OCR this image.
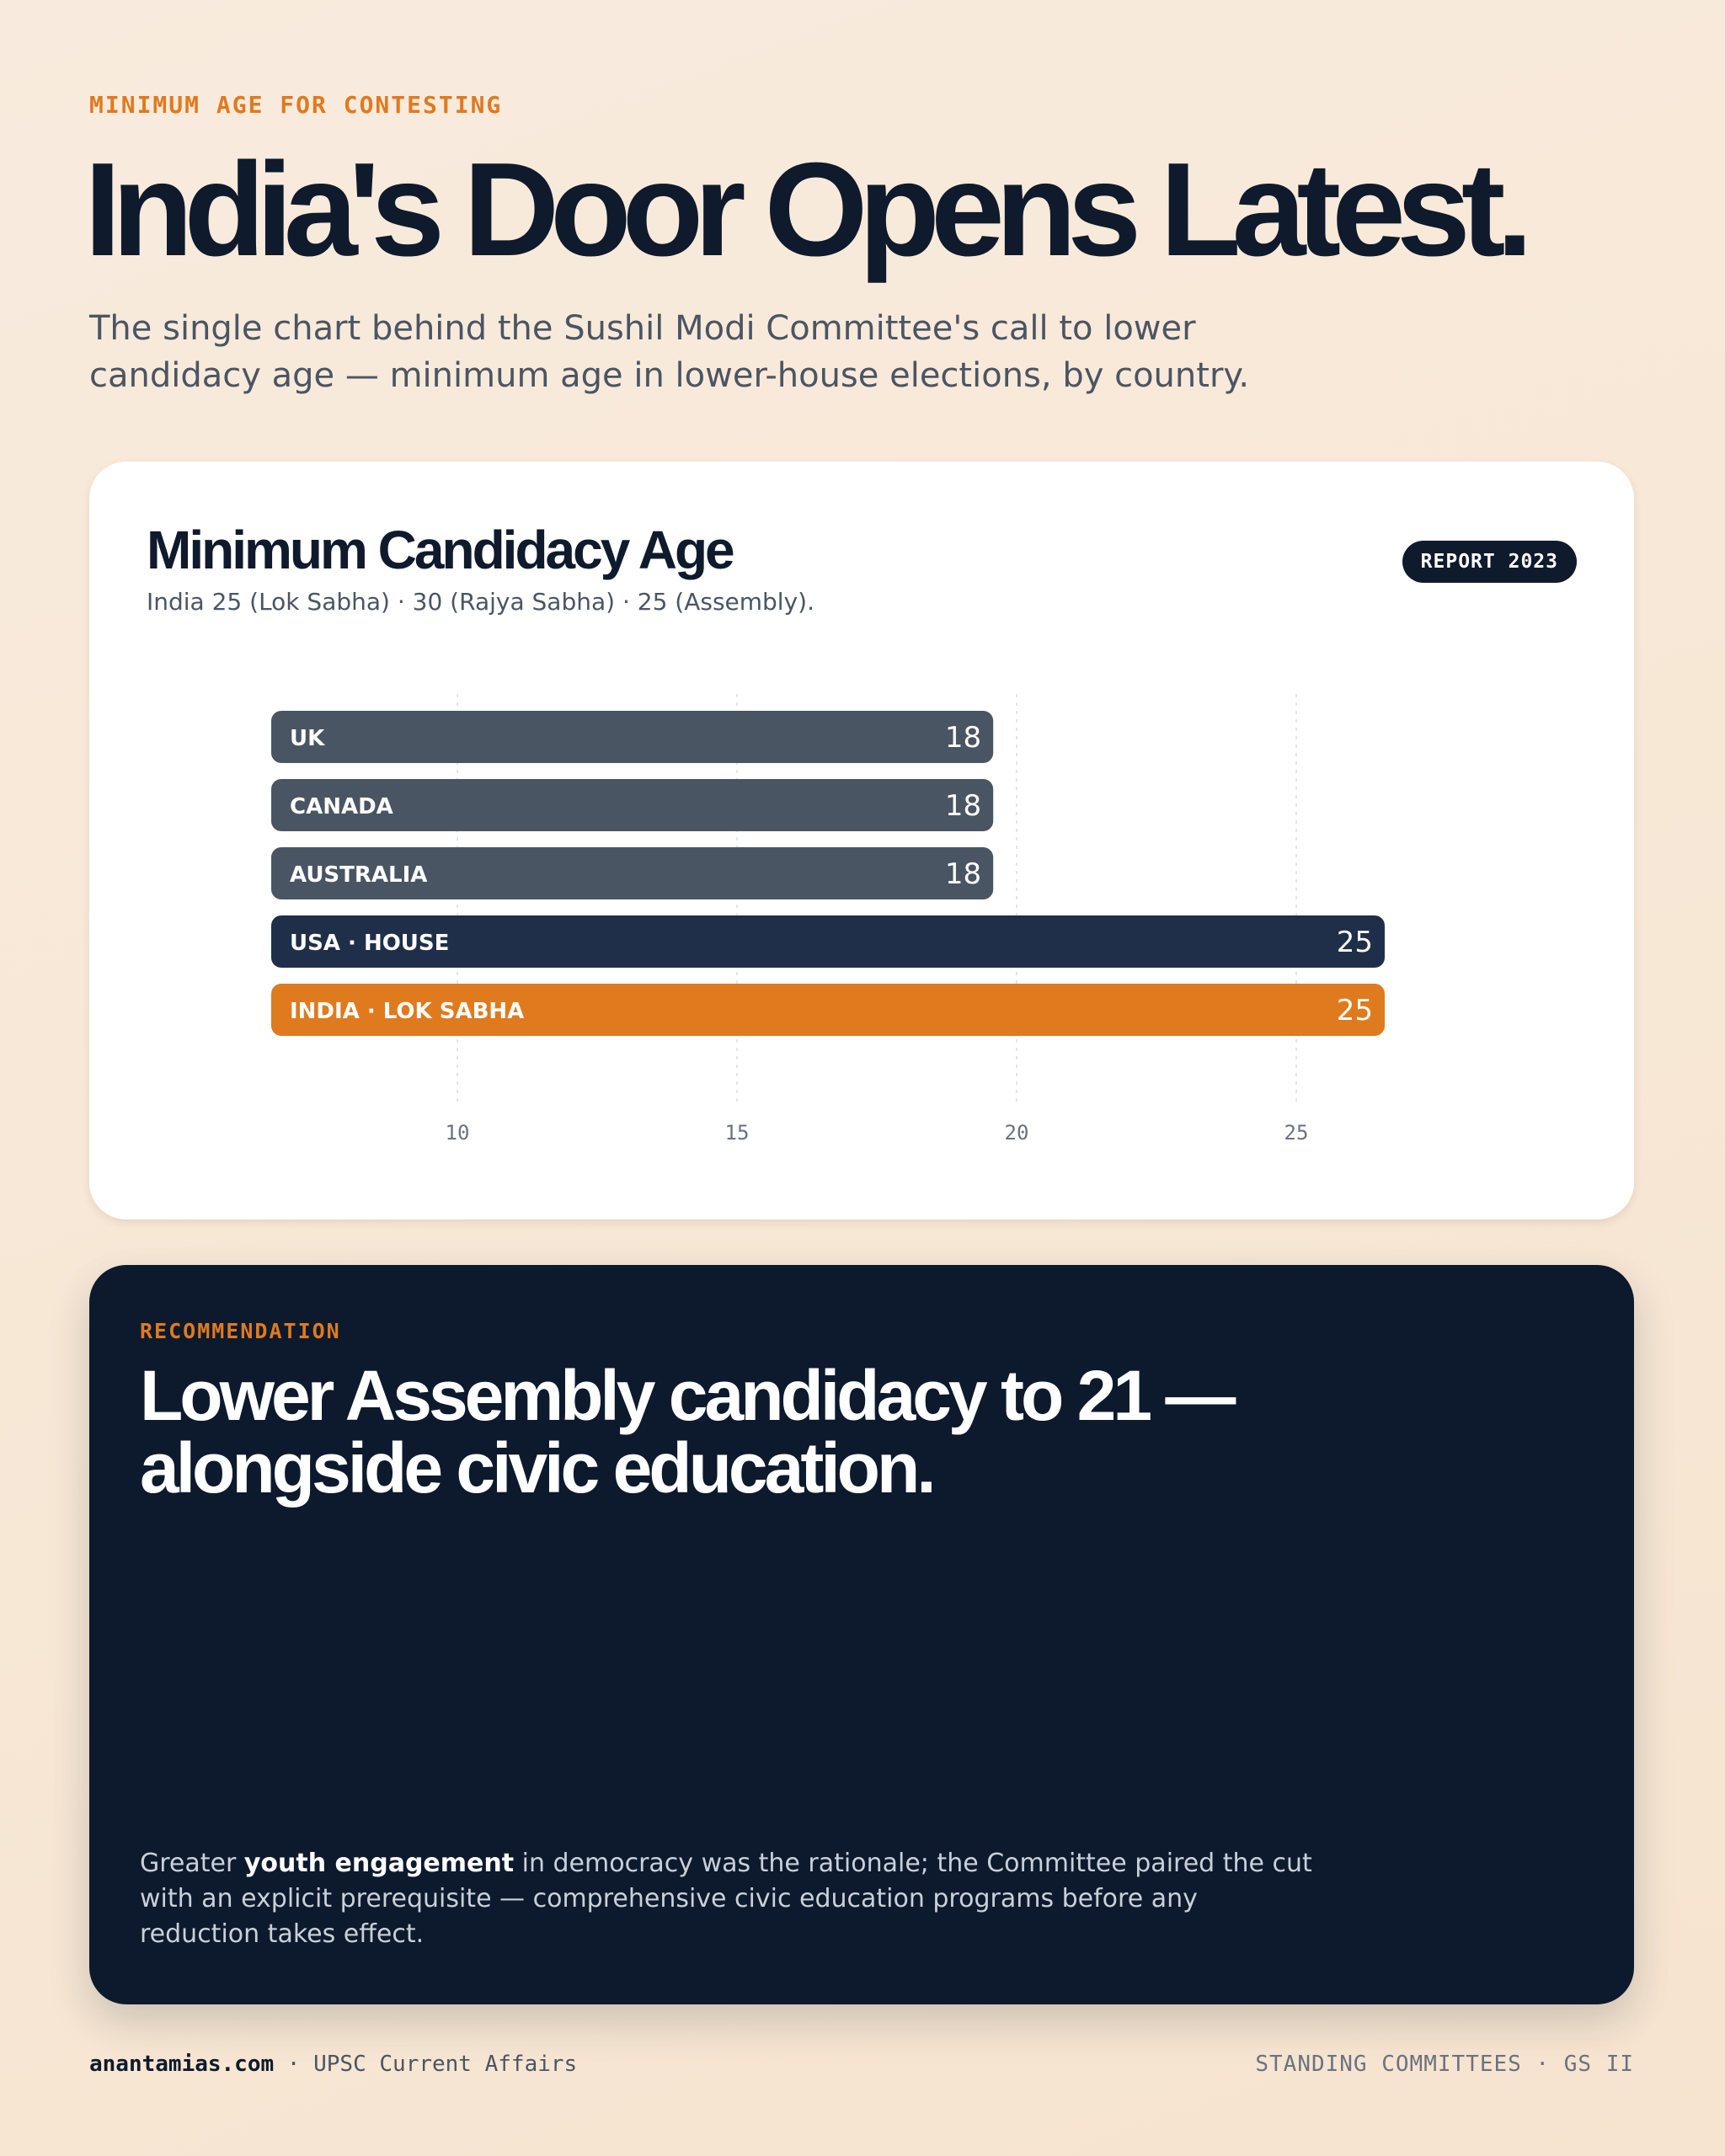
MINIMUM AGE FOR CONTESTING
India's Door Opens Latest.

The single chart behind the Sushil Modi Committee's call to lower candidacy age — minimum age in lower-house elections, by country.

Minimum Candidacy Age
India 25 (Lok Sabha) · 30 (Rajya Sabha) · 25 (Assembly).
REPORT 2023
UK	18
CANADA	18
AUSTRALIA	18
USA · HOUSE	25
INDIA · LOK SABHA	25
10	15	20	25
RECOMMENDATION
Lower Assembly candidacy to 21 — alongside civic education.

Greater youth engagement in democracy was the rationale; the Committee paired the cut with an explicit prerequisite — comprehensive civic education programs before any reduction takes effect.

anantamias.com · UPSC Current Affairs	STANDING COMMITTEES · GS II
